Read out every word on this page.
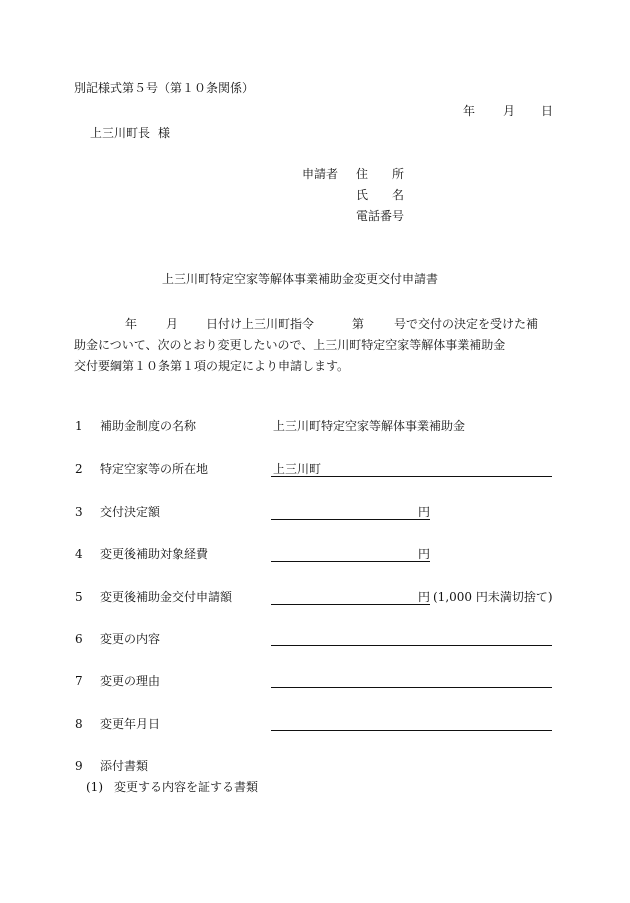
別記様式第５号（第１０条関係）
年 月 日
上三川町長 様
申請者 住 所
氏 名
電話番号
上三川町特定空家等解体事業補助金変更交付申請書
年 月 日付け上三川町指令	第 号で交付の決定を受けた補
助金について、次のとおり変更したいので、上三川町特定空家等解体事業補助金
交付要綱第１０条第１項の規定により申請します。
1 補助金制度の名称	上三川町特定空家等解体事業補助金
2 特定空家等の所在地	上三川町
3 交付決定額	円
4 変更後補助対象経費	円
5 変更後補助金交付申請額	円 (1,000 円未満切捨て)
6 変更の内容
7 変更の理由
8 変更年月日
9 添付書類
(1) 変更する内容を証する書類
